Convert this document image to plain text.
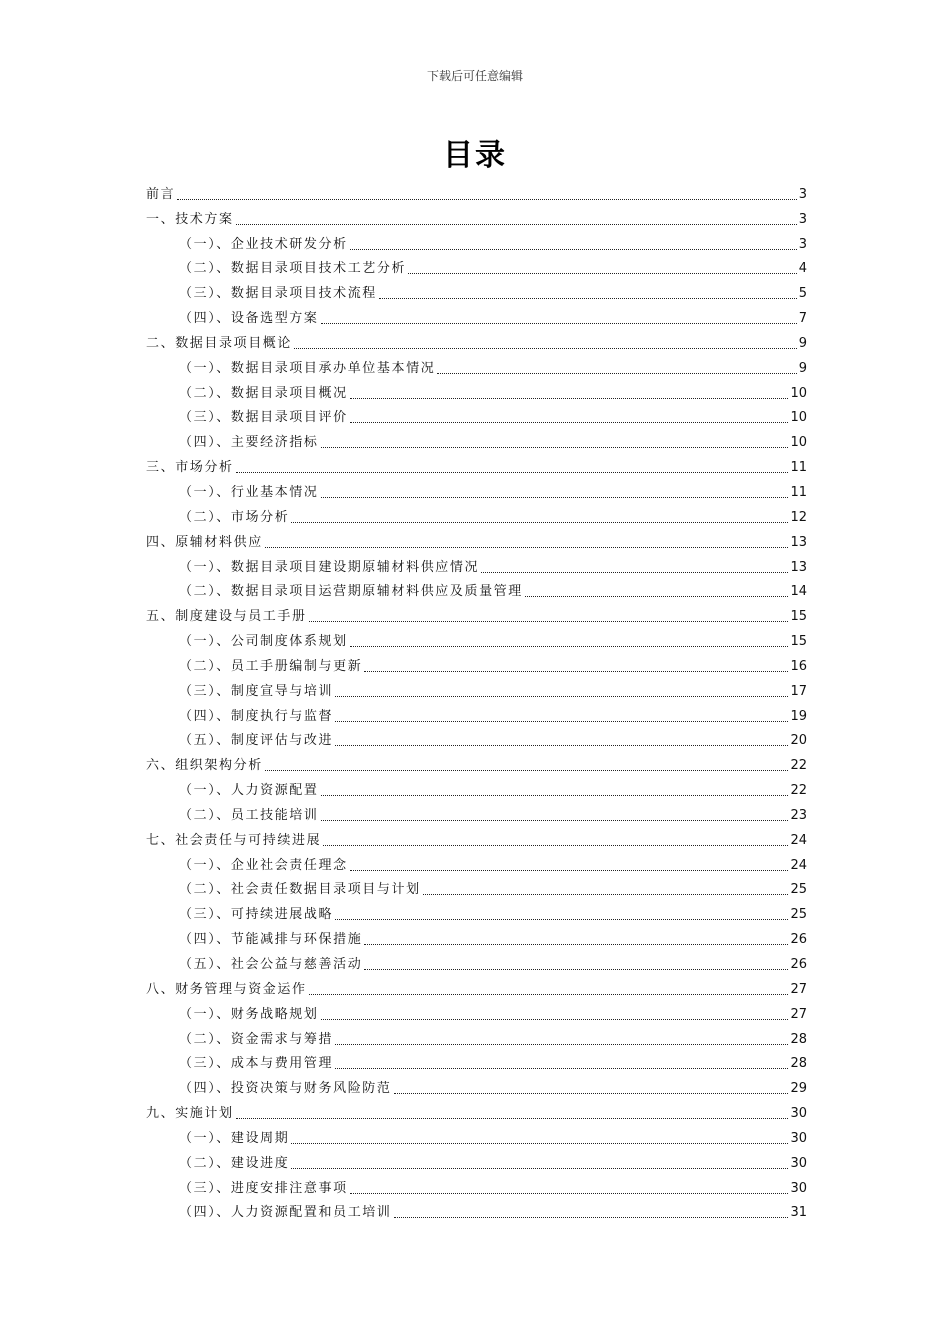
下载后可任意编辑
目录
前言	3
一、技术方案	3
（一）、企业技术研发分析	3
（二）、数据目录项目技术工艺分析	4
（三）、数据目录项目技术流程	5
（四）、设备选型方案	7
二、数据目录项目概论	9
（一）、数据目录项目承办单位基本情况	9
（二）、数据目录项目概况	10
（三）、数据目录项目评价	10
（四）、主要经济指标	10
三、市场分析	11
（一）、行业基本情况	11
（二）、市场分析	12
四、原辅材料供应	13
（一）、数据目录项目建设期原辅材料供应情况	13
（二）、数据目录项目运营期原辅材料供应及质量管理	14
五、制度建设与员工手册	15
（一）、公司制度体系规划	15
（二）、员工手册编制与更新	16
（三）、制度宣导与培训	17
（四）、制度执行与监督	19
（五）、制度评估与改进	20
六、组织架构分析	22
（一）、人力资源配置	22
（二）、员工技能培训	23
七、社会责任与可持续进展	24
（一）、企业社会责任理念	24
（二）、社会责任数据目录项目与计划	25
（三）、可持续进展战略	25
（四）、节能减排与环保措施	26
（五）、社会公益与慈善活动	26
八、财务管理与资金运作	27
（一）、财务战略规划	27
（二）、资金需求与筹措	28
（三）、成本与费用管理	28
（四）、投资决策与财务风险防范	29
九、实施计划	30
（一）、建设周期	30
（二）、建设进度	30
（三）、进度安排注意事项	30
（四）、人力资源配置和员工培训	31
